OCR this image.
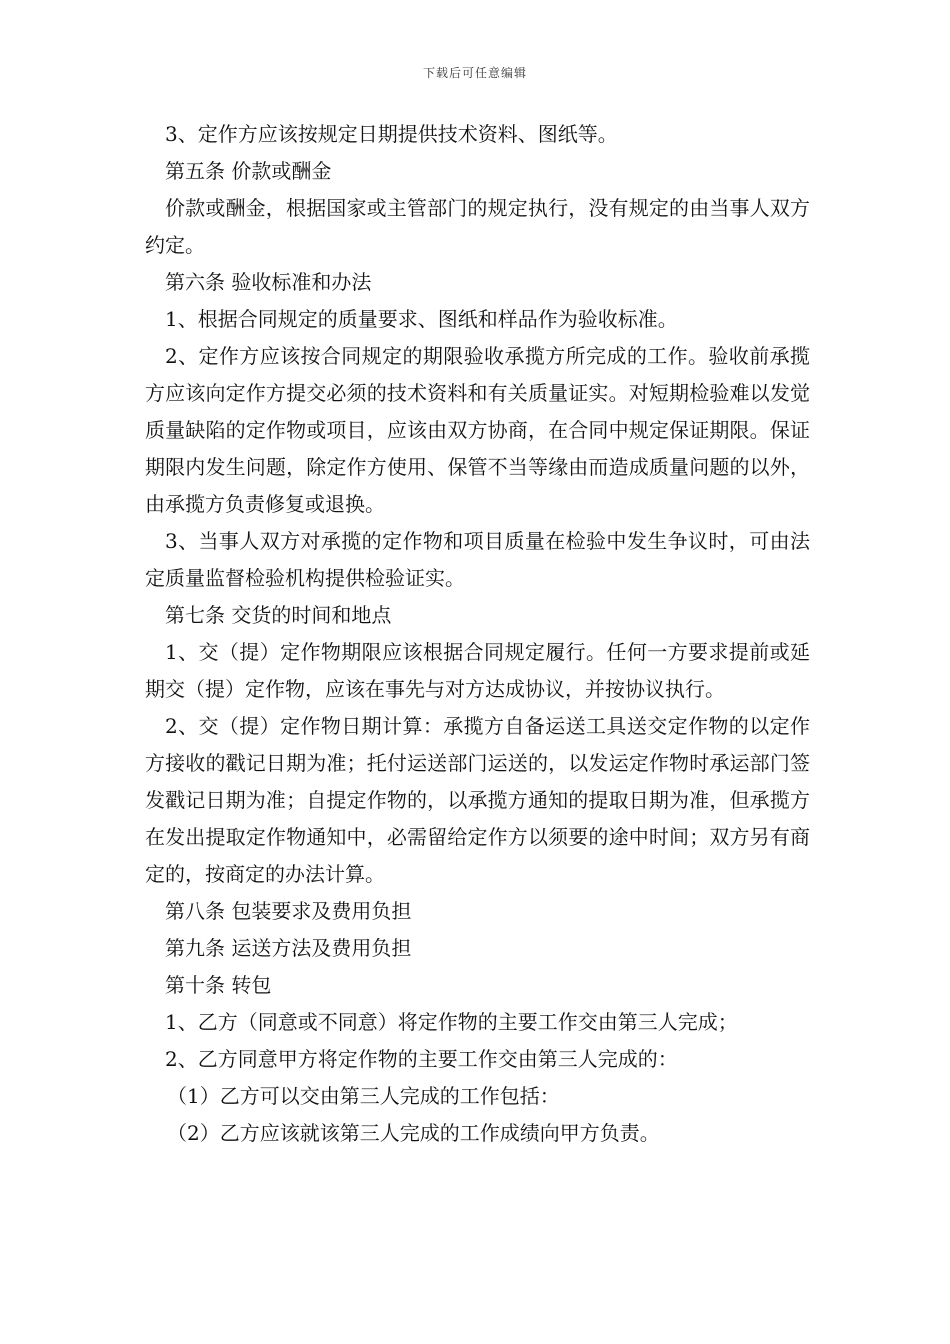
下载后可任意编辑

3、定作方应该按规定日期提供技术资料、图纸等。

第五条 价款或酬金

价款或酬金，根据国家或主管部门的规定执行，没有规定的由当事人双方约定。

第六条 验收标准和办法

1、根据合同规定的质量要求、图纸和样品作为验收标准。

2、定作方应该按合同规定的期限验收承揽方所完成的工作。验收前承揽方应该向定作方提交必须的技术资料和有关质量证实。对短期检验难以发觉质量缺陷的定作物或项目，应该由双方协商，在合同中规定保证期限。保证期限内发生问题，除定作方使用、保管不当等缘由而造成质量问题的以外，由承揽方负责修复或退换。

3、当事人双方对承揽的定作物和项目质量在检验中发生争议时，可由法定质量监督检验机构提供检验证实。

第七条 交货的时间和地点

1、交（提）定作物期限应该根据合同规定履行。任何一方要求提前或延期交（提）定作物，应该在事先与对方达成协议，并按协议执行。

2、交（提）定作物日期计算：承揽方自备运送工具送交定作物的以定作方接收的戳记日期为准；托付运送部门运送的，以发运定作物时承运部门签发戳记日期为准；自提定作物的，以承揽方通知的提取日期为准，但承揽方在发出提取定作物通知中，必需留给定作方以须要的途中时间；双方另有商定的，按商定的办法计算。

第八条 包装要求及费用负担

第九条 运送方法及费用负担

第十条 转包

1、乙方（同意或不同意）将定作物的主要工作交由第三人完成；

2、乙方同意甲方将定作物的主要工作交由第三人完成的：

（1）乙方可以交由第三人完成的工作包括：

（2）乙方应该就该第三人完成的工作成绩向甲方负责。
